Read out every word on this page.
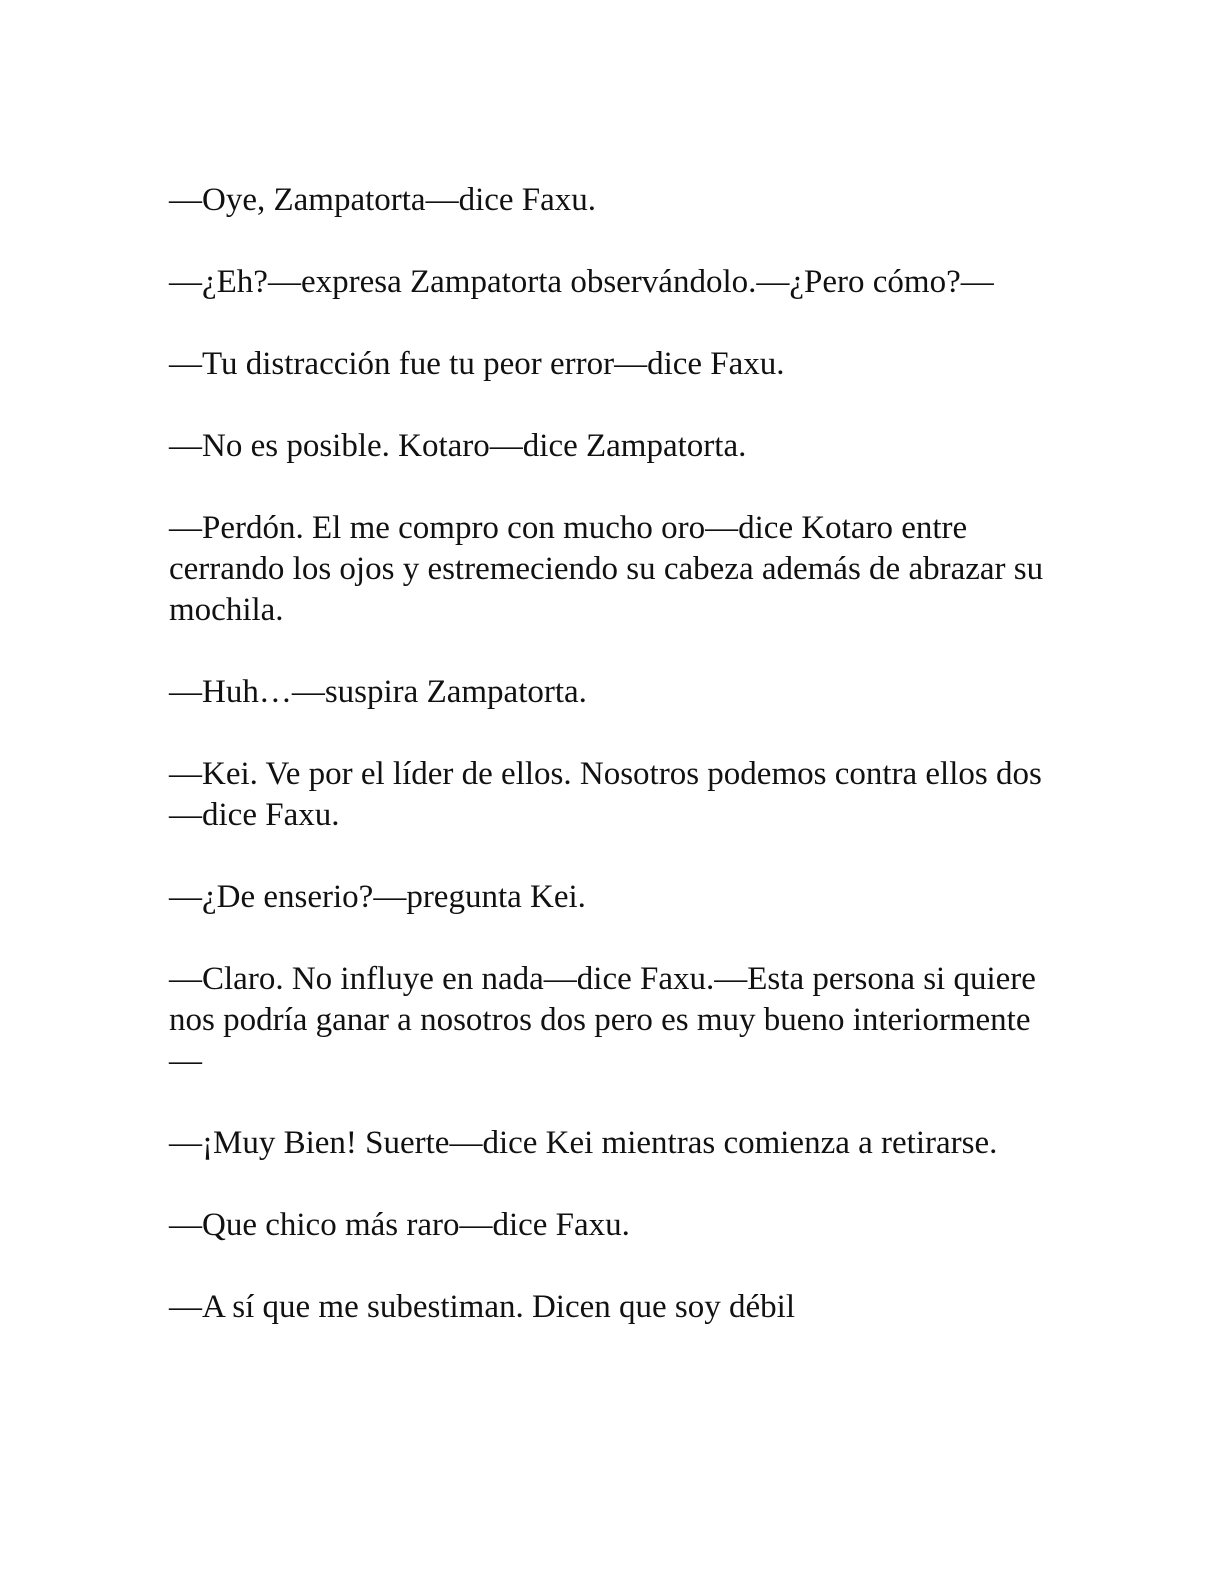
—Oye, Zampatorta—dice Faxu.

—¿Eh?—expresa Zampatorta observándolo.—¿Pero cómo?—

—Tu distracción fue tu peor error—dice Faxu.

—No es posible. Kotaro—dice Zampatorta.

—Perdón. El me compro con mucho oro—dice Kotaro entre cerrando los ojos y estremeciendo su cabeza además de abrazar su mochila.

—Huh…—suspira Zampatorta.

—Kei. Ve por el líder de ellos. Nosotros podemos contra ellos dos—dice Faxu.

—¿De enserio?—pregunta Kei.

—Claro. No influye en nada—dice Faxu.—Esta persona si quiere nos podría ganar a nosotros dos pero es muy bueno interiormente—

—¡Muy Bien! Suerte—dice Kei mientras comienza a retirarse.

—Que chico más raro—dice Faxu.

—A sí que me subestiman. Dicen que soy débil
